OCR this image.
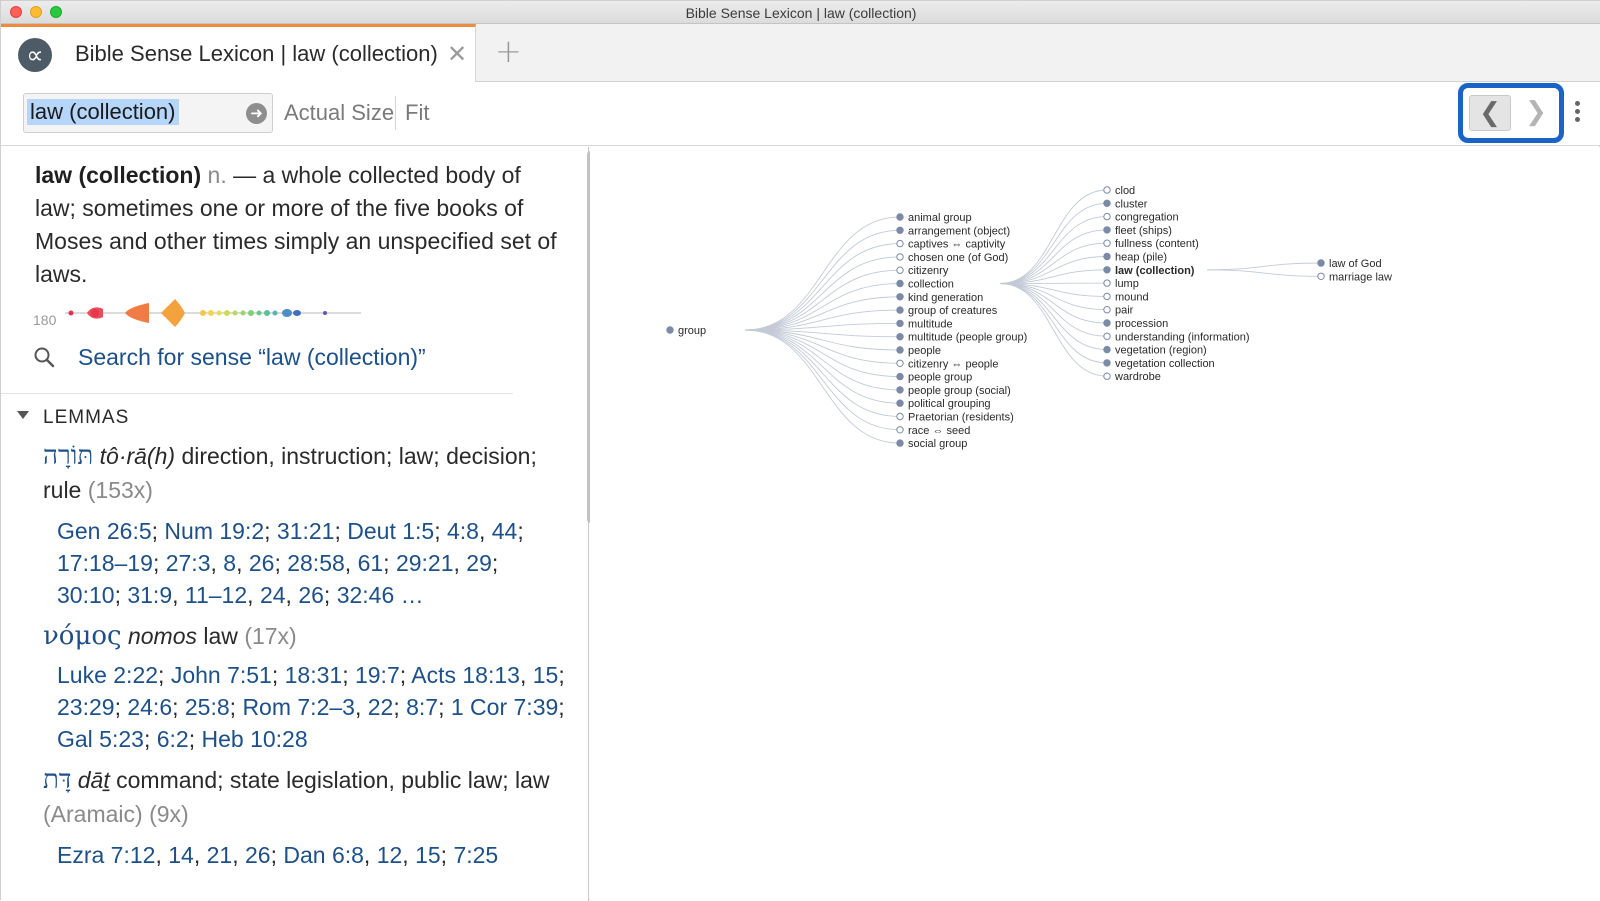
Bible Sense Lexicon | law (collection)
∝	Bible Sense Lexicon | law (collection) ✕ +
law (collection)	➜ Actual Size Fit	❮ ❯
law (collection) n. — a whole collected body of law; sometimes one or more of the five books of Moses and other times simply an unspecified set of laws.
180
Search for sense “law (collection)”
LEMMAS
תּוֹרָה tô·rā(h) direction, instruction; law; decision; rule (153x)
Gen 26:5; Num 19:2; 31:21; Deut 1:5; 4:8, 44; 17:18–19; 27:3, 8, 26; 28:58, 61; 29:21, 29; 30:10; 31:9, 11–12, 24, 26; 32:46 …
νόμος nomos law (17x)
Luke 2:22; John 7:51; 18:31; 19:7; Acts 18:13, 15; 23:29; 24:6; 25:8; Rom 7:2–3, 22; 8:7; 1 Cor 7:39; Gal 5:23; 6:2; Heb 10:28
דָּת dāṯ command; state legislation, public law; law (Aramaic) (9x)
Ezra 7:12, 14, 21, 26; Dan 6:8, 12, 15; 7:25
group
animal group
arrangement (object)
captives ⇔ captivity
chosen one (of God)
citizenry
collection
kind generation
group of creatures
multitude
multitude (people group)
people
citizenry ⇔ people
people group
people group (social)
political grouping
Praetorian (residents)
race ⇔ seed
social group
clod
cluster
congregation
fleet (ships)
fullness (content)
heap (pile)
law (collection)
lump
mound
pair
procession
understanding (information)
vegetation (region)
vegetation collection
wardrobe
law of God
marriage law
